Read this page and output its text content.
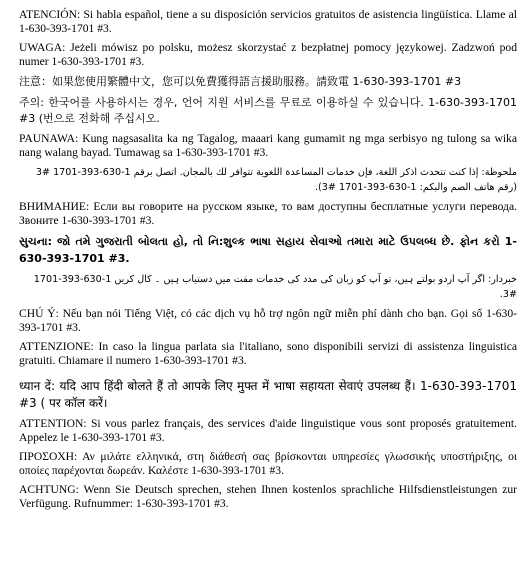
ATENCIÓN: Si habla español, tiene a su disposición servicios gratuitos de asistencia lingüística. Llame al 1-630-393-1701 #3.

UWAGA: Jeżeli mówisz po polsku, możesz skorzystać z bezpłatnej pomocy językowej. Zadzwoń pod numer 1-630-393-1701 #3.

注意：如果您使用繁體中文，您可以免費獲得語言援助服務。請致電 1-630-393-1701 #3

주의: 한국어를 사용하시는 경우, 언어 지원 서비스를 무료로 이용하실 수 있습니다. 1-630-393-1701 #3 (번으로 전화해 주십시오.

PAUNAWA: Kung nagsasalita ka ng Tagalog, maaari kang gumamit ng mga serbisyo ng tulong sa wika nang walang bayad. Tumawag sa 1-630-393-1701 #3.

ملحوظة: إذا كنت تتحدث اذكر اللغة، فإن خدمات المساعدة اللغوية تتوافر لك بالمجان. اتصل برقم 1-630-393-1701 #3 (رقم هاتف الصم والبكم: 1-630-393-1701 #3).

ВНИМАНИЕ: Если вы говорите на русском языке, то вам доступны бесплатные услуги перевода. Звоните 1-630-393-1701 #3.

સુચના: જો તમે ગુજરાતી બોલતા હો, તો નિ:શુલ્ક ભાષા સહાય સેવાઓ તમારા માટે ઉપલબ્ધ છે. ફોન કરો 1-630-393-1701 #3.

خبردار: اگر آپ اردو بولتے ہیں، تو آپ کو زبان کی مدد کی خدمات مفت میں دستیاب ہیں ۔ کال کریں 1-630-393-1701 #3.

CHÚ Ý: Nếu bạn nói Tiếng Việt, có các dịch vụ hỗ trợ ngôn ngữ miễn phí dành cho bạn. Gọi số 1-630-393-1701 #3.

ATTENZIONE: In caso la lingua parlata sia l'italiano, sono disponibili servizi di assistenza linguistica gratuiti. Chiamare il numero 1-630-393-1701 #3.

ध्यान दें: यदि आप हिंदी बोलते हैं तो आपके लिए मुफ्त में भाषा सहायता सेवाएं उपलब्ध हैं। 1-630-393-1701 #3 ( पर कॉल करें।

ATTENTION: Si vous parlez français, des services d'aide linguistique vous sont proposés gratuitement. Appelez le 1-630-393-1701 #3.

ΠΡΟΣΟΧΗ: Αν μιλάτε ελληνικά, στη διάθεσή σας βρίσκονται υπηρεσίες γλωσσικής υποστήριξης, οι οποίες παρέχονται δωρεάν. Καλέστε 1-630-393-1701 #3.

ACHTUNG: Wenn Sie Deutsch sprechen, stehen Ihnen kostenlos sprachliche Hilfsdienstleistungen zur Verfügung. Rufnummer: 1-630-393-1701 #3.
